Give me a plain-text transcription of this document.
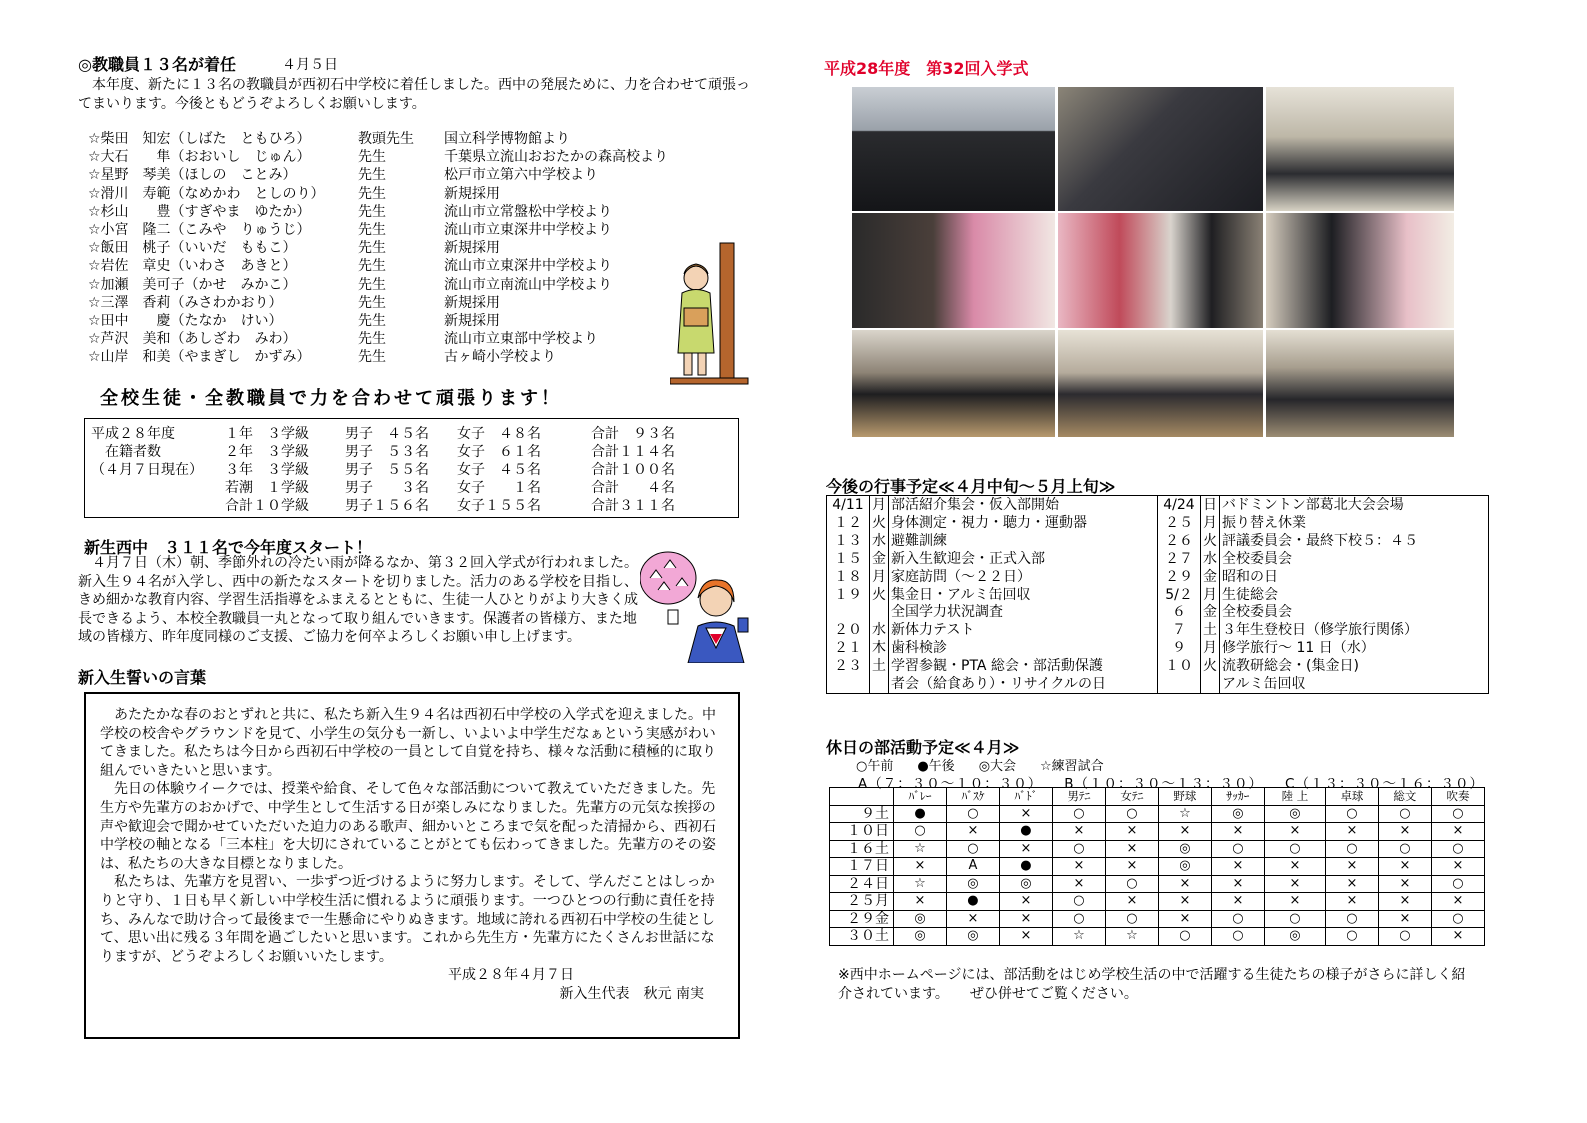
◎教職員１３名が着任	４月５日

本年度、新たに１３名の教職員が西初石中学校に着任しました。西中の発展ために、力を合わせて頑張ってまいります。今後ともどうぞよろしくお願いします。

☆柴田　知宏（しばた　ともひろ）	教頭先生	国立科学博物館より
☆大石　　隼（おおいし　じゅん）	先生	千葉県立流山おおたかの森高校より
☆星野　琴美（ほしの　ことみ）	先生	松戸市立第六中学校より
☆滑川　寿範（なめかわ　としのり）	先生	新規採用
☆杉山　　豊（すぎやま　ゆたか）	先生	流山市立常盤松中学校より
☆小宮　隆二（こみや　りゅうじ）	先生	流山市立東深井中学校より
☆飯田　桃子（いいだ　ももこ）	先生	新規採用
☆岩佐　章史（いわさ　あきと）	先生	流山市立東深井中学校より
☆加瀬　美可子（かせ　みかこ）	先生	流山市立南流山中学校より
☆三澤　香莉（みさわかおり）	先生	新規採用
☆田中　　慶（たなか　けい）	先生	新規採用
☆芦沢　美和（あしざわ　みわ）	先生	流山市立東部中学校より
☆山岸　和美（やまぎし　かずみ）	先生	古ヶ崎小学校より
全校生徒・全教職員で力を合わせて頑張ります！
平成２８年度	１年　３学級	男子　４５名	女子　４８名	合計　９３名
　在籍者数	２年　３学級	男子　５３名	女子　６１名	合計１１４名
（４月７日現在）	３年　３学級	男子　５５名	女子　４５名	合計１００名
若潮　１学級	男子　　３名	女子　　１名	合計　　４名
合計１０学級	男子１５６名	女子１５５名	合計３１１名
新生西中　３１１名で今年度スタート！

４月７日（木）朝、季節外れの冷たい雨が降るなか、第３２回入学式が行われました。新入生９４名が入学し、西中の新たなスタートを切りました。活力のある学校を目指し、きめ細かな教育内容、学習生活指導をふまえるとともに、生徒一人ひとりがより大きく成長できるよう、本校全教職員一丸となって取り組んでいきます。保護者の皆様方、また地域の皆様方、昨年度同様のご支援、ご協力を何卒よろしくお願い申し上げます。

新入生誓いの言葉

あたたかな春のおとずれと共に、私たち新入生９４名は西初石中学校の入学式を迎えました。中学校の校舎やグラウンドを見て、小学生の気分も一新し、いよいよ中学生だなぁという実感がわいてきました。私たちは今日から西初石中学校の一員として自覚を持ち、様々な活動に積極的に取り組んでいきたいと思います。

先日の体験ウイークでは、授業や給食、そして色々な部活動について教えていただきました。先生方や先輩方のおかげで、中学生として生活する日が楽しみになりました。先輩方の元気な挨拶の声や歓迎会で聞かせていただいた迫力のある歌声、細かいところまで気を配った清掃から、西初石中学校の軸となる「三本柱」を大切にされていることがとても伝わってきました。先輩方のその姿は、私たちの大きな目標となりました。

私たちは、先輩方を見習い、一歩ずつ近づけるように努力します。そして、学んだことはしっかりと守り、１日も早く新しい中学校生活に慣れるように頑張ります。一つひとつの行動に責任を持ち、みんなで助け合って最後まで一生懸命にやりぬきます。地域に誇れる西初石中学校の生徒として、思い出に残る３年間を過ごしたいと思います。これから先生方・先輩方にたくさんお世話になりますが、どうぞよろしくお願いいたします。

平成２８年４月７日

新入生代表　秋元 南実

平成28年度　第32回入学式
今後の行事予定≪４月中旬～５月上旬≫
4/11 月 部活紹介集会・仮入部開始
１２ 火 身体測定・視力・聴力・運動器
１３ 水 避難訓練
１５ 金 新入生歓迎会・正式入部
１８ 月 家庭訪問（～２２日）
１９ 火 集金日・アルミ缶回収
全国学力状況調査
２０ 水 新体力テスト
２１ 木 歯科検診
２３ 土 学習参観・PTA 総会・部活動保護
者会（給食あり）・リサイクルの日
4/24 日 バドミントン部葛北大会会場
２５ 月 振り替え休業
２６ 火 評議委員会・最終下校５：４５
２７ 水 全校委員会
２９ 金 昭和の日
5/２ 月 生徒総会
６	金 全校委員会
７	土 ３年生登校日（修学旅行関係）
９	月 修学旅行～ 11 日（水）
１０ 火 流教研総会・(集金日)
アルミ缶回収
休日の部活動予定≪４月≫
○午前 ●午後 ◎大会 ☆練習試合
A（７：３０～１０：３０） B（１０：３０～１３：３０） C（１３：３０～１６：３０）
	ﾊﾞﾚｰ	ﾊﾞｽｹ	ﾊﾞﾄﾞ	男ﾃﾆ	女ﾃﾆ	野球	ｻｯｶｰ	陸 上	卓球	総文	吹奏
９土	●	○	×	○	○	☆	◎	◎	○	○	○
１０日	○	×	●	×	×	×	×	×	×	×	×
１６土	☆	○	×	○	×	◎	○	○	○	○	○
１７日	×	A	●	×	×	◎	×	×	×	×	×
２４日	☆	◎	◎	×	○	×	×	×	×	×	○
２５月	×	●	×	○	×	×	×	×	×	×	×
２９金	◎	×	×	○	○	×	○	○	○	×	○
３０土	◎	◎	×	☆	☆	○	○	◎	○	○	×

※西中ホームページには、部活動をはじめ学校生活の中で活躍する生徒たちの様子がさらに詳しく紹介されています。　　ぜひ併せてご覧ください。
